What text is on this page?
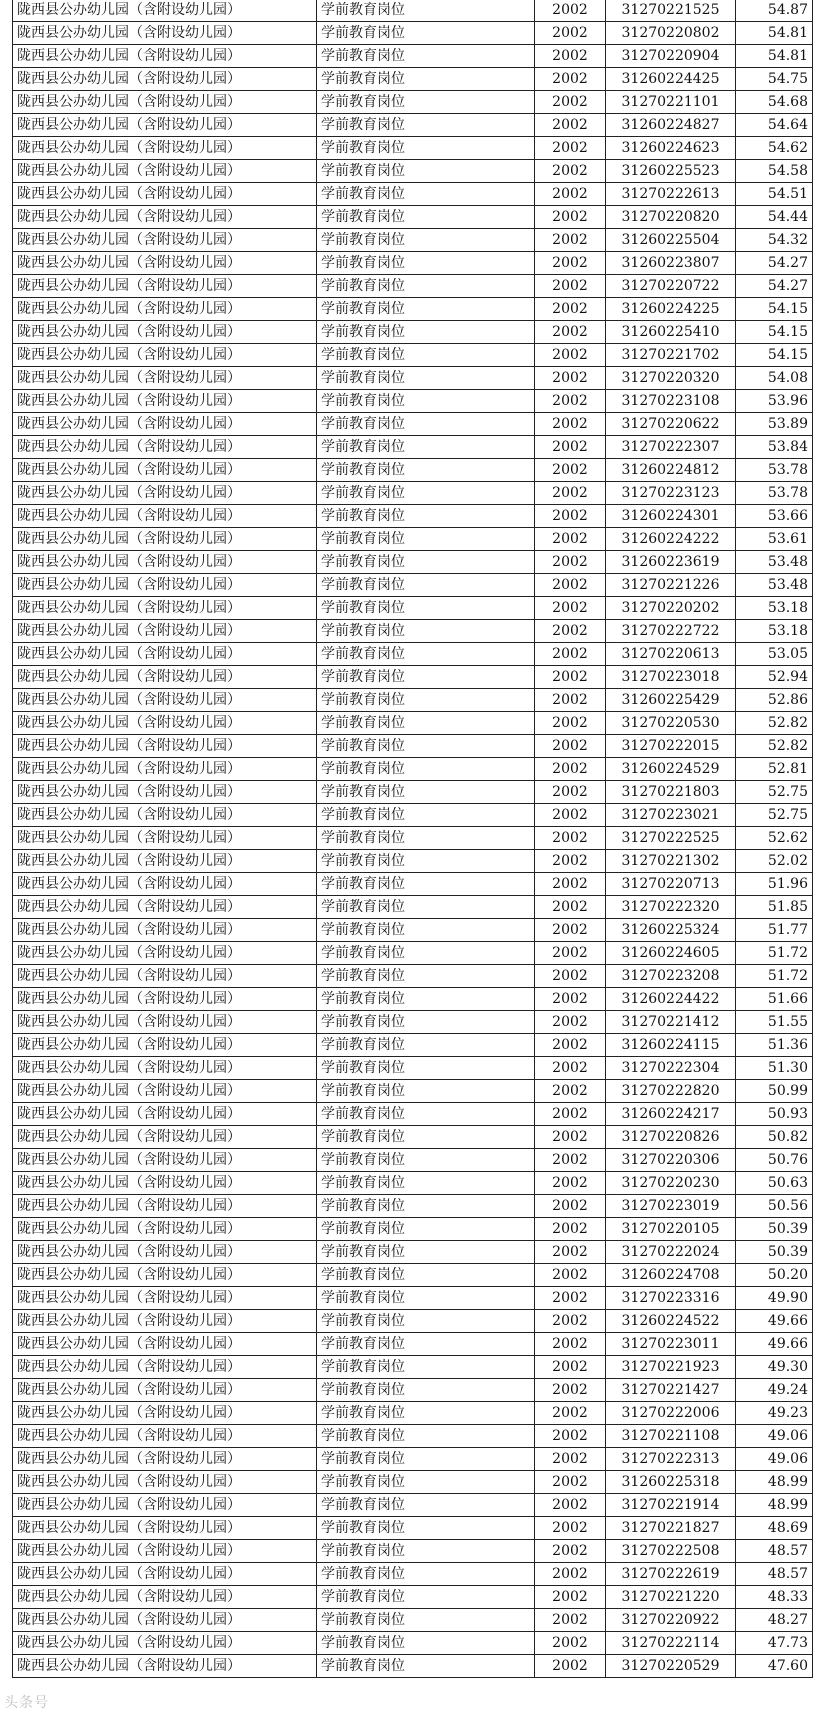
陇西县公办幼儿园（含附设幼儿园）	学前教育岗位	2002	31270221525	54.87
陇西县公办幼儿园（含附设幼儿园）	学前教育岗位	2002	31270220802	54.81
陇西县公办幼儿园（含附设幼儿园）	学前教育岗位	2002	31270220904	54.81
陇西县公办幼儿园（含附设幼儿园）	学前教育岗位	2002	31260224425	54.75
陇西县公办幼儿园（含附设幼儿园）	学前教育岗位	2002	31270221101	54.68
陇西县公办幼儿园（含附设幼儿园）	学前教育岗位	2002	31260224827	54.64
陇西县公办幼儿园（含附设幼儿园）	学前教育岗位	2002	31260224623	54.62
陇西县公办幼儿园（含附设幼儿园）	学前教育岗位	2002	31260225523	54.58
陇西县公办幼儿园（含附设幼儿园）	学前教育岗位	2002	31270222613	54.51
陇西县公办幼儿园（含附设幼儿园）	学前教育岗位	2002	31270220820	54.44
陇西县公办幼儿园（含附设幼儿园）	学前教育岗位	2002	31260225504	54.32
陇西县公办幼儿园（含附设幼儿园）	学前教育岗位	2002	31260223807	54.27
陇西县公办幼儿园（含附设幼儿园）	学前教育岗位	2002	31270220722	54.27
陇西县公办幼儿园（含附设幼儿园）	学前教育岗位	2002	31260224225	54.15
陇西县公办幼儿园（含附设幼儿园）	学前教育岗位	2002	31260225410	54.15
陇西县公办幼儿园（含附设幼儿园）	学前教育岗位	2002	31270221702	54.15
陇西县公办幼儿园（含附设幼儿园）	学前教育岗位	2002	31270220320	54.08
陇西县公办幼儿园（含附设幼儿园）	学前教育岗位	2002	31270223108	53.96
陇西县公办幼儿园（含附设幼儿园）	学前教育岗位	2002	31270220622	53.89
陇西县公办幼儿园（含附设幼儿园）	学前教育岗位	2002	31270222307	53.84
陇西县公办幼儿园（含附设幼儿园）	学前教育岗位	2002	31260224812	53.78
陇西县公办幼儿园（含附设幼儿园）	学前教育岗位	2002	31270223123	53.78
陇西县公办幼儿园（含附设幼儿园）	学前教育岗位	2002	31260224301	53.66
陇西县公办幼儿园（含附设幼儿园）	学前教育岗位	2002	31260224222	53.61
陇西县公办幼儿园（含附设幼儿园）	学前教育岗位	2002	31260223619	53.48
陇西县公办幼儿园（含附设幼儿园）	学前教育岗位	2002	31270221226	53.48
陇西县公办幼儿园（含附设幼儿园）	学前教育岗位	2002	31270220202	53.18
陇西县公办幼儿园（含附设幼儿园）	学前教育岗位	2002	31270222722	53.18
陇西县公办幼儿园（含附设幼儿园）	学前教育岗位	2002	31270220613	53.05
陇西县公办幼儿园（含附设幼儿园）	学前教育岗位	2002	31270223018	52.94
陇西县公办幼儿园（含附设幼儿园）	学前教育岗位	2002	31260225429	52.86
陇西县公办幼儿园（含附设幼儿园）	学前教育岗位	2002	31270220530	52.82
陇西县公办幼儿园（含附设幼儿园）	学前教育岗位	2002	31270222015	52.82
陇西县公办幼儿园（含附设幼儿园）	学前教育岗位	2002	31260224529	52.81
陇西县公办幼儿园（含附设幼儿园）	学前教育岗位	2002	31270221803	52.75
陇西县公办幼儿园（含附设幼儿园）	学前教育岗位	2002	31270223021	52.75
陇西县公办幼儿园（含附设幼儿园）	学前教育岗位	2002	31270222525	52.62
陇西县公办幼儿园（含附设幼儿园）	学前教育岗位	2002	31270221302	52.02
陇西县公办幼儿园（含附设幼儿园）	学前教育岗位	2002	31270220713	51.96
陇西县公办幼儿园（含附设幼儿园）	学前教育岗位	2002	31270222320	51.85
陇西县公办幼儿园（含附设幼儿园）	学前教育岗位	2002	31260225324	51.77
陇西县公办幼儿园（含附设幼儿园）	学前教育岗位	2002	31260224605	51.72
陇西县公办幼儿园（含附设幼儿园）	学前教育岗位	2002	31270223208	51.72
陇西县公办幼儿园（含附设幼儿园）	学前教育岗位	2002	31260224422	51.66
陇西县公办幼儿园（含附设幼儿园）	学前教育岗位	2002	31270221412	51.55
陇西县公办幼儿园（含附设幼儿园）	学前教育岗位	2002	31260224115	51.36
陇西县公办幼儿园（含附设幼儿园）	学前教育岗位	2002	31270222304	51.30
陇西县公办幼儿园（含附设幼儿园）	学前教育岗位	2002	31270222820	50.99
陇西县公办幼儿园（含附设幼儿园）	学前教育岗位	2002	31260224217	50.93
陇西县公办幼儿园（含附设幼儿园）	学前教育岗位	2002	31270220826	50.82
陇西县公办幼儿园（含附设幼儿园）	学前教育岗位	2002	31270220306	50.76
陇西县公办幼儿园（含附设幼儿园）	学前教育岗位	2002	31270220230	50.63
陇西县公办幼儿园（含附设幼儿园）	学前教育岗位	2002	31270223019	50.56
陇西县公办幼儿园（含附设幼儿园）	学前教育岗位	2002	31270220105	50.39
陇西县公办幼儿园（含附设幼儿园）	学前教育岗位	2002	31270222024	50.39
陇西县公办幼儿园（含附设幼儿园）	学前教育岗位	2002	31260224708	50.20
陇西县公办幼儿园（含附设幼儿园）	学前教育岗位	2002	31270223316	49.90
陇西县公办幼儿园（含附设幼儿园）	学前教育岗位	2002	31260224522	49.66
陇西县公办幼儿园（含附设幼儿园）	学前教育岗位	2002	31270223011	49.66
陇西县公办幼儿园（含附设幼儿园）	学前教育岗位	2002	31270221923	49.30
陇西县公办幼儿园（含附设幼儿园）	学前教育岗位	2002	31270221427	49.24
陇西县公办幼儿园（含附设幼儿园）	学前教育岗位	2002	31270222006	49.23
陇西县公办幼儿园（含附设幼儿园）	学前教育岗位	2002	31270221108	49.06
陇西县公办幼儿园（含附设幼儿园）	学前教育岗位	2002	31270222313	49.06
陇西县公办幼儿园（含附设幼儿园）	学前教育岗位	2002	31260225318	48.99
陇西县公办幼儿园（含附设幼儿园）	学前教育岗位	2002	31270221914	48.99
陇西县公办幼儿园（含附设幼儿园）	学前教育岗位	2002	31270221827	48.69
陇西县公办幼儿园（含附设幼儿园）	学前教育岗位	2002	31270222508	48.57
陇西县公办幼儿园（含附设幼儿园）	学前教育岗位	2002	31270222619	48.57
陇西县公办幼儿园（含附设幼儿园）	学前教育岗位	2002	31270221220	48.33
陇西县公办幼儿园（含附设幼儿园）	学前教育岗位	2002	31270220922	48.27
陇西县公办幼儿园（含附设幼儿园）	学前教育岗位	2002	31270222114	47.73
陇西县公办幼儿园（含附设幼儿园）	学前教育岗位	2002	31270220529	47.60
头条号
